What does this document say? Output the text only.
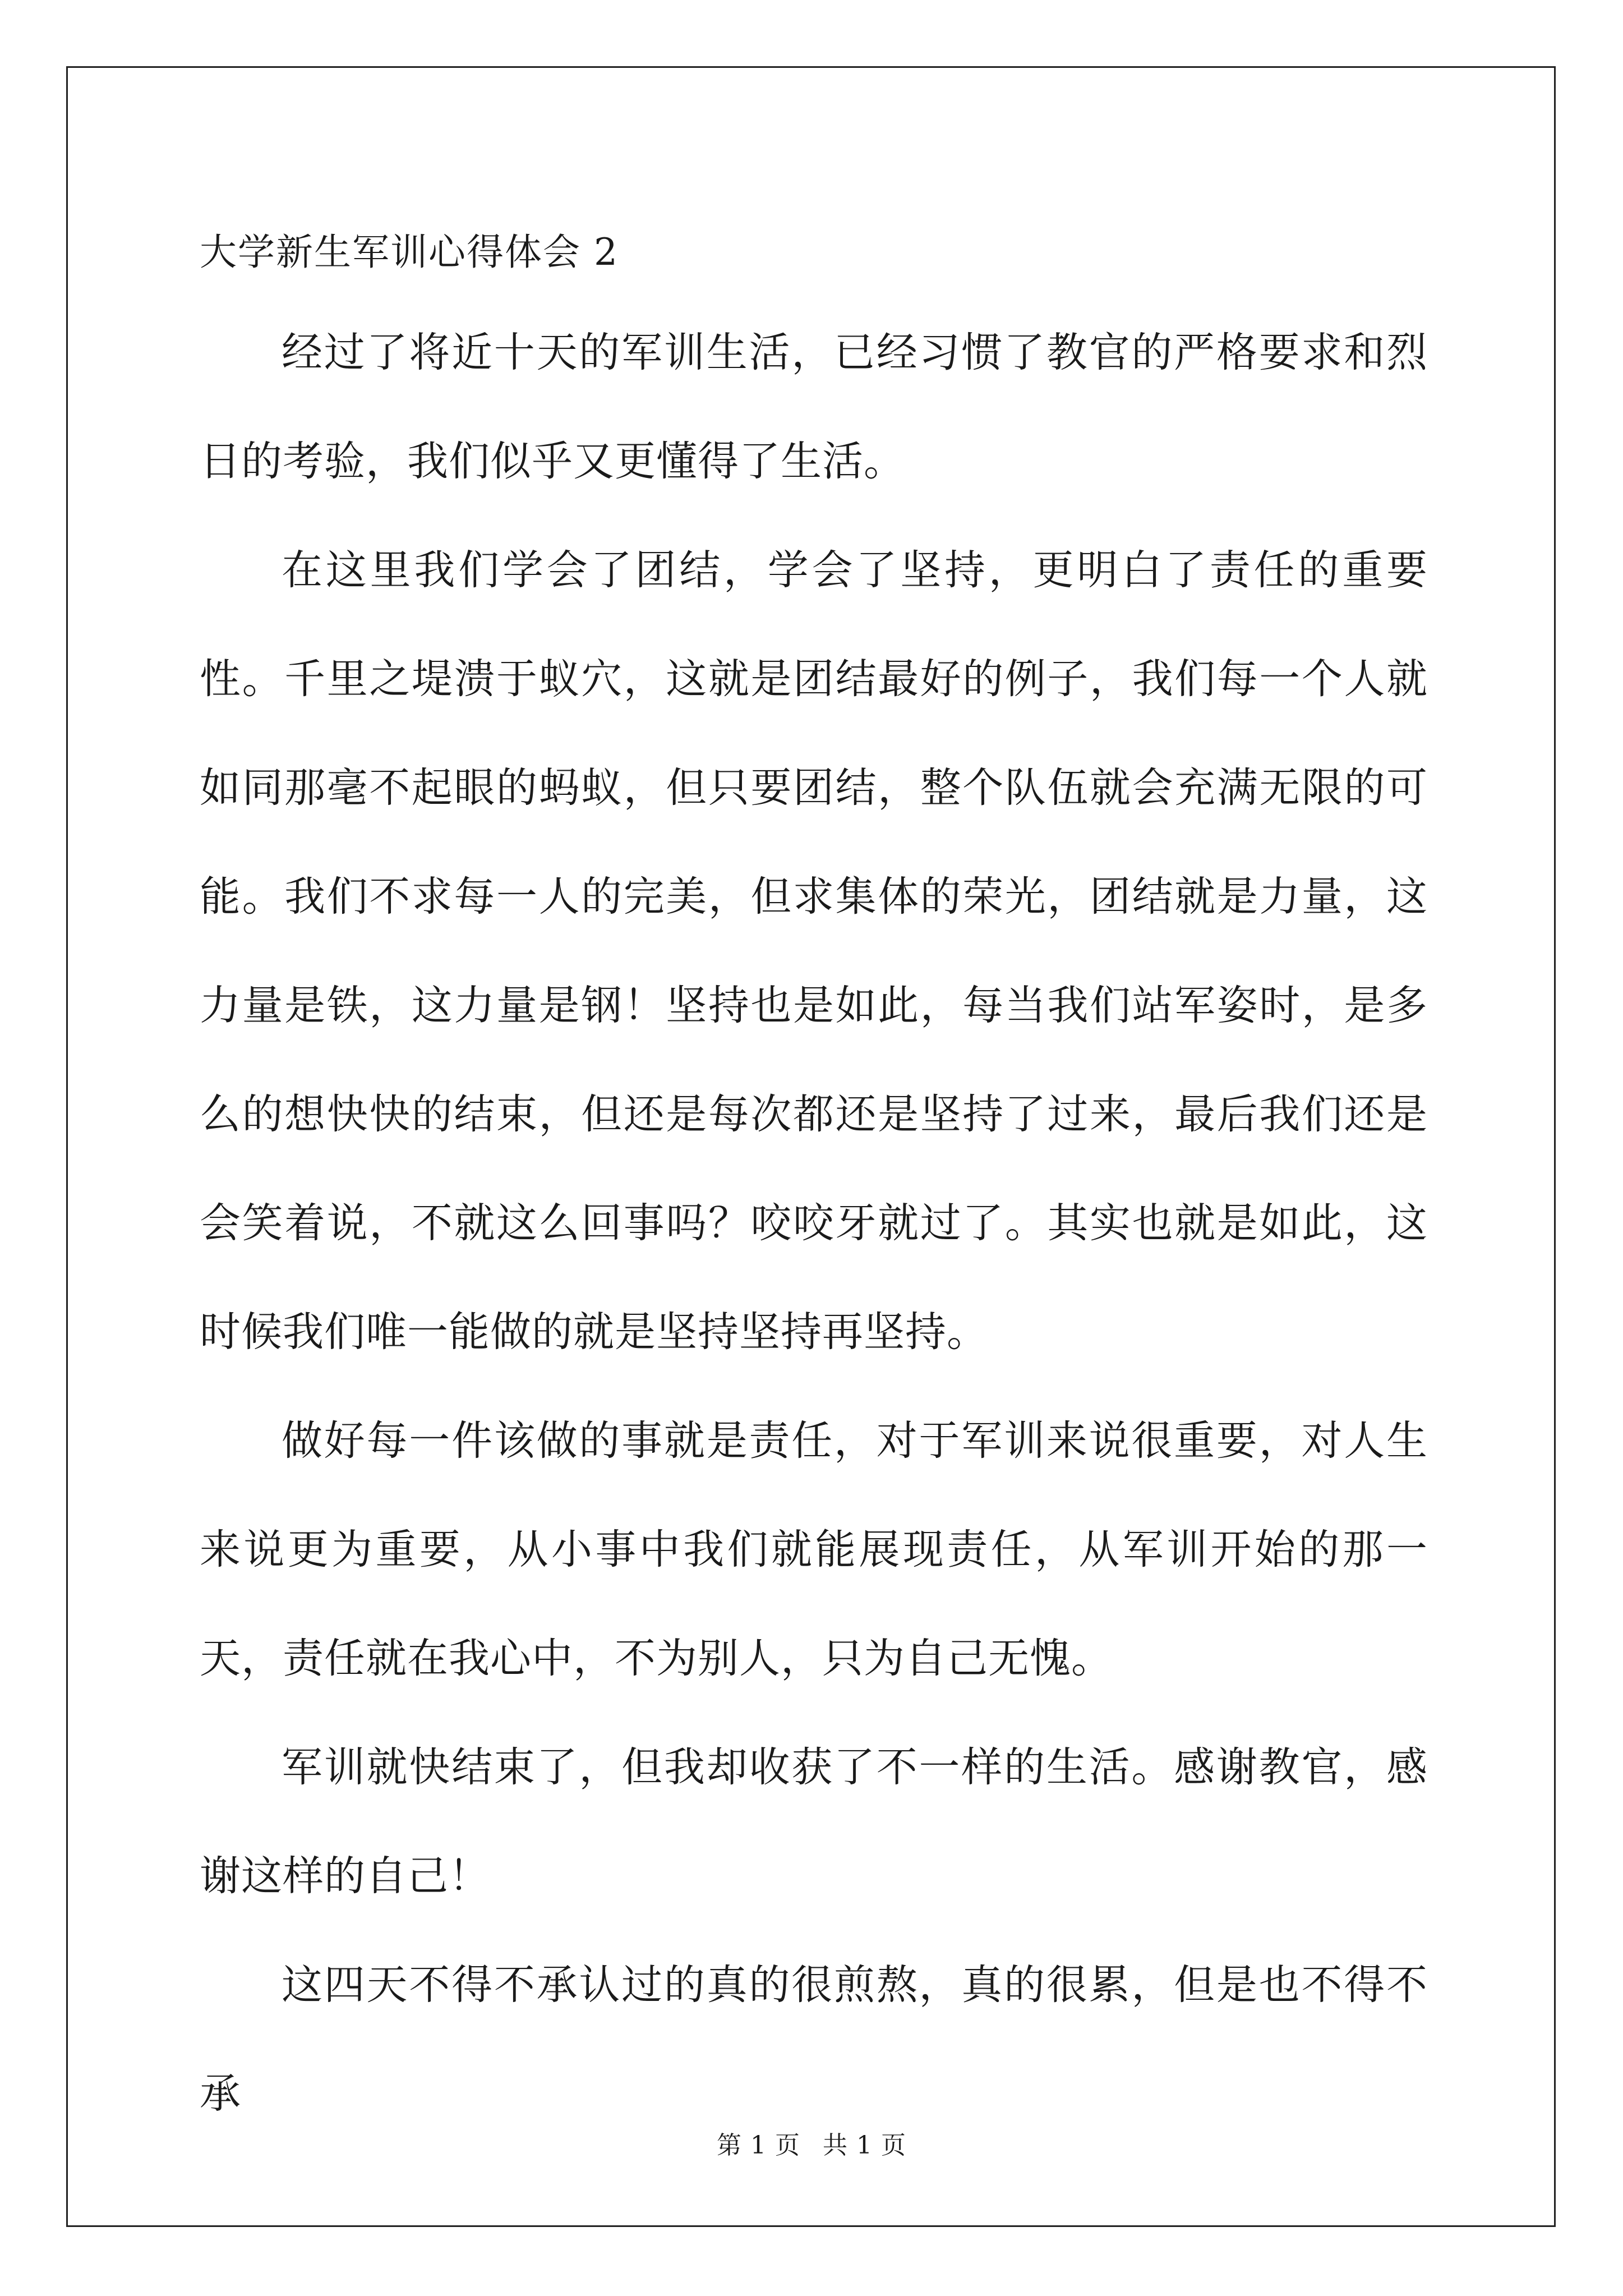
大学新生军训心得体会 2

经过了将近十天的军训生活，已经习惯了教官的严格要求和烈日的考验，我们似乎又更懂得了生活。

在这里我们学会了团结，学会了坚持，更明白了责任的重要性。千里之堤溃于蚁穴，这就是团结最好的例子，我们每一个人就如同那毫不起眼的蚂蚁，但只要团结，整个队伍就会充满无限的可能。我们不求每一人的完美，但求集体的荣光，团结就是力量，这力量是铁，这力量是钢！坚持也是如此，每当我们站军姿时，是多么的想快快的结束，但还是每次都还是坚持了过来，最后我们还是会笑着说，不就这么回事吗？咬咬牙就过了。其实也就是如此，这时候我们唯一能做的就是坚持坚持再坚持。

做好每一件该做的事就是责任，对于军训来说很重要，对人生来说更为重要，从小事中我们就能展现责任，从军训开始的那一天，责任就在我心中，不为别人，只为自己无愧。

军训就快结束了，但我却收获了不一样的生活。感谢教官，感谢这样的自己！

这四天不得不承认过的真的很煎熬，真的很累，但是也不得不承

第 1 页 共 1 页
